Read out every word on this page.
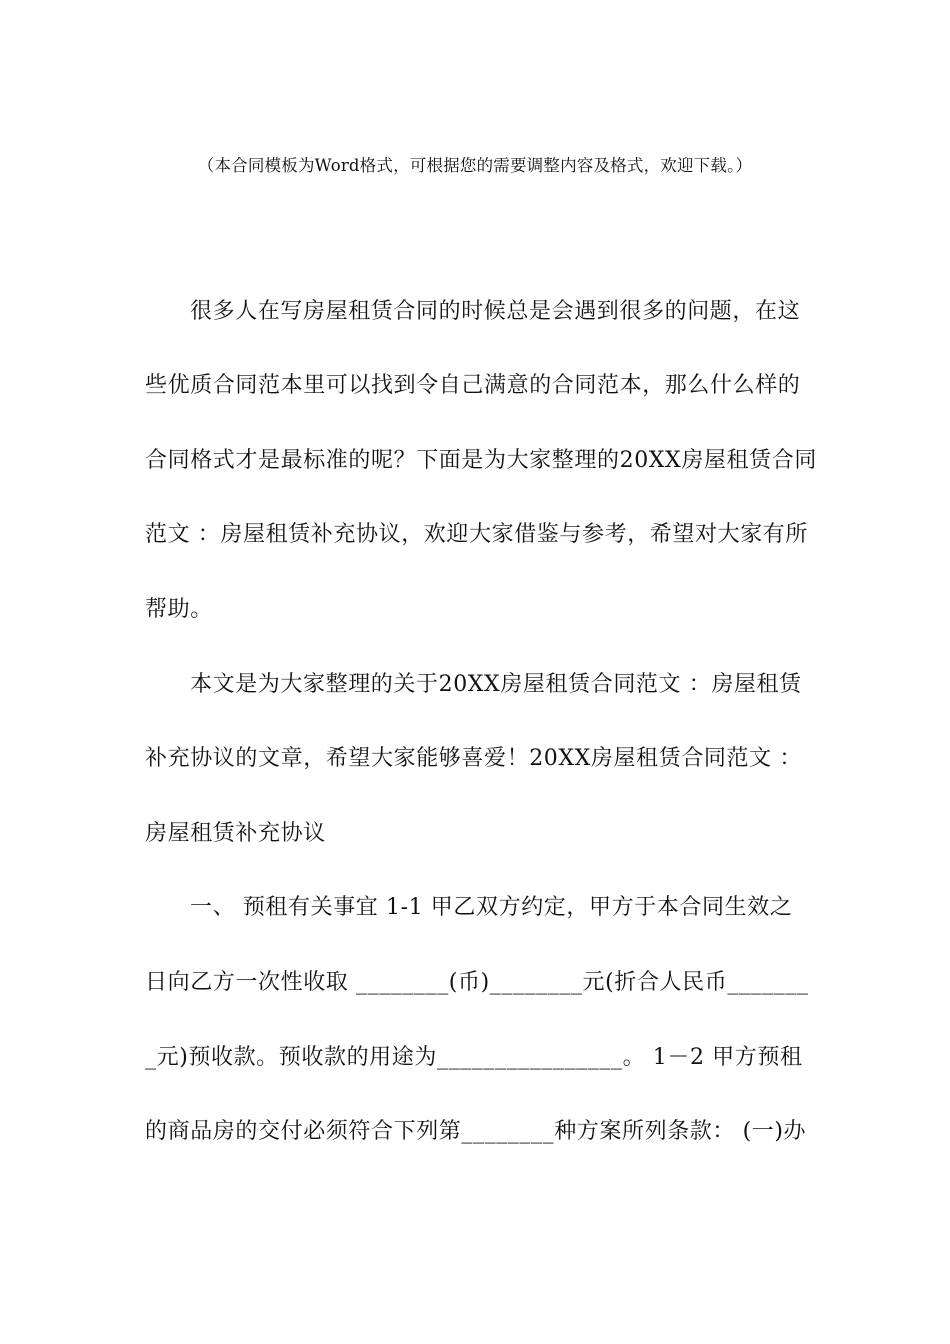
（本合同模板为Word格式，可根据您的需要调整内容及格式，欢迎下载。）
很多人在写房屋租赁合同的时候总是会遇到很多的问题，在这
些优质合同范本里可以找到令自己满意的合同范本，那么什么样的
合同格式才是最标准的呢？下面是为大家整理的20XX房屋租赁合同
范文 ：房屋租赁补充协议，欢迎大家借鉴与参考，希望对大家有所
帮助。
本文是为大家整理的关于20XX房屋租赁合同范文 ：房屋租赁
补充协议的文章，希望大家能够喜爱！20XX房屋租赁合同范文 ：
房屋租赁补充协议
一、 预租有关事宜 1-1 甲乙双方约定，甲方于本合同生效之
日向乙方一次性收取 ________(币)________元(折合人民币_______
_元)预收款。预收款的用途为________________。 1－2 甲方预租
的商品房的交付必须符合下列第________种方案所列条款： (一)办
